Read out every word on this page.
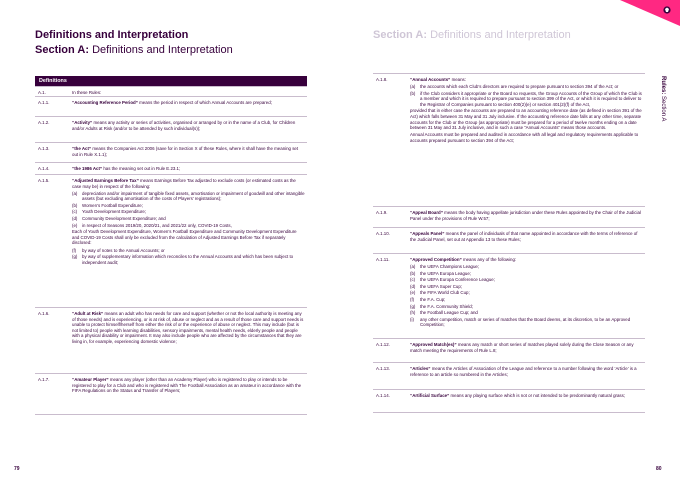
Definitions and Interpretation
Section A: Definitions and Interpretation
Definitions
A.1.	In these Rules:

A.1.1.	“Accounting Reference Period” means the period in respect of which Annual Accounts are prepared;

A.1.2.	“Activity” means any activity or series of activities, organised or arranged by or in the name of a Club, for Children and/or Adults at Risk (and/or to be attended by such individual(s));

A.1.3.	“the Act” means the Companies Act 2006 (save for in Section X of these Rules, where it shall have the meaning set out in Rule X.1.1);

A.1.4.	“the 1986 Act” has the meaning set out in Rule E.23.1;

A.1.5.	“Adjusted Earnings Before Tax” means Earnings Before Tax adjusted to exclude costs (or estimated costs as the case may be) in respect of the following:

(a) depreciation and/or impairment of tangible fixed assets, amortisation or impairment of goodwill and other intangible assets (but excluding amortisation of the costs of Players’ registrations);
(b) Women’s Football Expenditure;
(c) Youth Development Expenditure;
(d) Community Development Expenditure; and
(e) in respect of Seasons 2019/20, 2020/21, and 2021/22 only, COVID-19 Costs,

Each of Youth Development Expenditure, Women’s Football Expenditure and Community Development Expenditure and COVID-19 Costs shall only be excluded from the calculation of Adjusted Earnings Before Tax if separately disclosed:

(f) by way of notes to the Annual Accounts; or
(g) by way of supplementary information which reconciles to the Annual Accounts and which has been subject to independent audit;
A.1.6.	“Adult at Risk” means an adult who has needs for care and support (whether or not the local authority is meeting any of those needs) and is experiencing, or is at risk of, abuse or neglect and as a result of those care and support needs is unable to protect himself/herself from either the risk of or the experience of abuse or neglect. This may include (but is not limited to) people with learning disabilities, sensory impairments, mental health needs, elderly people and people with a physical disability or impairment. It may also include people who are affected by the circumstances that they are living in, for example, experiencing domestic violence;

A.1.7.	“Amateur Player” means any player (other than an Academy Player) who is registered to play or intends to be registered to play for a Club and who is registered with The Football Association as an amateur in accordance with the FIFA Regulations on the Status and Transfer of Players;

79
Section A: Definitions and Interpretation
Rules: Section A
A.1.8.	“Annual Accounts” means:

(a) the accounts which each Club’s directors are required to prepare pursuant to section 394 of the Act; or
(b) if the Club considers it appropriate or the Board so requests, the Group Accounts of the Group of which the Club is a member and which it is required to prepare pursuant to section 399 of the Act, or which it is required to deliver to the Registrar of Companies pursuant to section 400(2)(e) or section 401(2)(f) of the Act,

provided that in either case the accounts are prepared to an accounting reference date (as defined in section 391 of the Act) which falls between 31 May and 31 July inclusive. If the accounting reference date falls at any other time, separate accounts for the Club or the Group (as appropriate) must be prepared for a period of twelve months ending on a date between 31 May and 31 July inclusive, and in such a case “Annual Accounts” means those accounts.

Annual Accounts must be prepared and audited in accordance with all legal and regulatory requirements applicable to accounts prepared pursuant to section 394 of the Act;

A.1.9.	“Appeal Board” means the body having appellate jurisdiction under these Rules appointed by the Chair of the Judicial Panel under the provisions of Rule W.57;

A.1.10.	“Appeals Panel” means the panel of individuals of that name appointed in accordance with the terms of reference of the Judicial Panel, set out at Appendix 13 to these Rules;

A.1.11.	“Approved Competition” means any of the following:

(a) the UEFA Champions League;
(b) the UEFA Europa League;
(c) the UEFA Europa Conference League;
(d) the UEFA Super Cup;
(e) the FIFA World Club Cup;
(f) the F.A. Cup;
(g) the F.A. Community Shield;
(h) the Football League Cup; and
(i) any other competition, match or series of matches that the Board deems, at its discretion, to be an Approved Competition;
A.1.12.	“Approved Match(es)” means any match or short series of matches played solely during the Close Season or any match meeting the requirements of Rule L.8;

A.1.13.	“Articles” means the Articles of Association of the League and reference to a number following the word ‘Article’ is a reference to an article so numbered in the Articles;

A.1.14.	“Artificial Surface” means any playing surface which is not or not intended to be predominantly natural grass;

80
